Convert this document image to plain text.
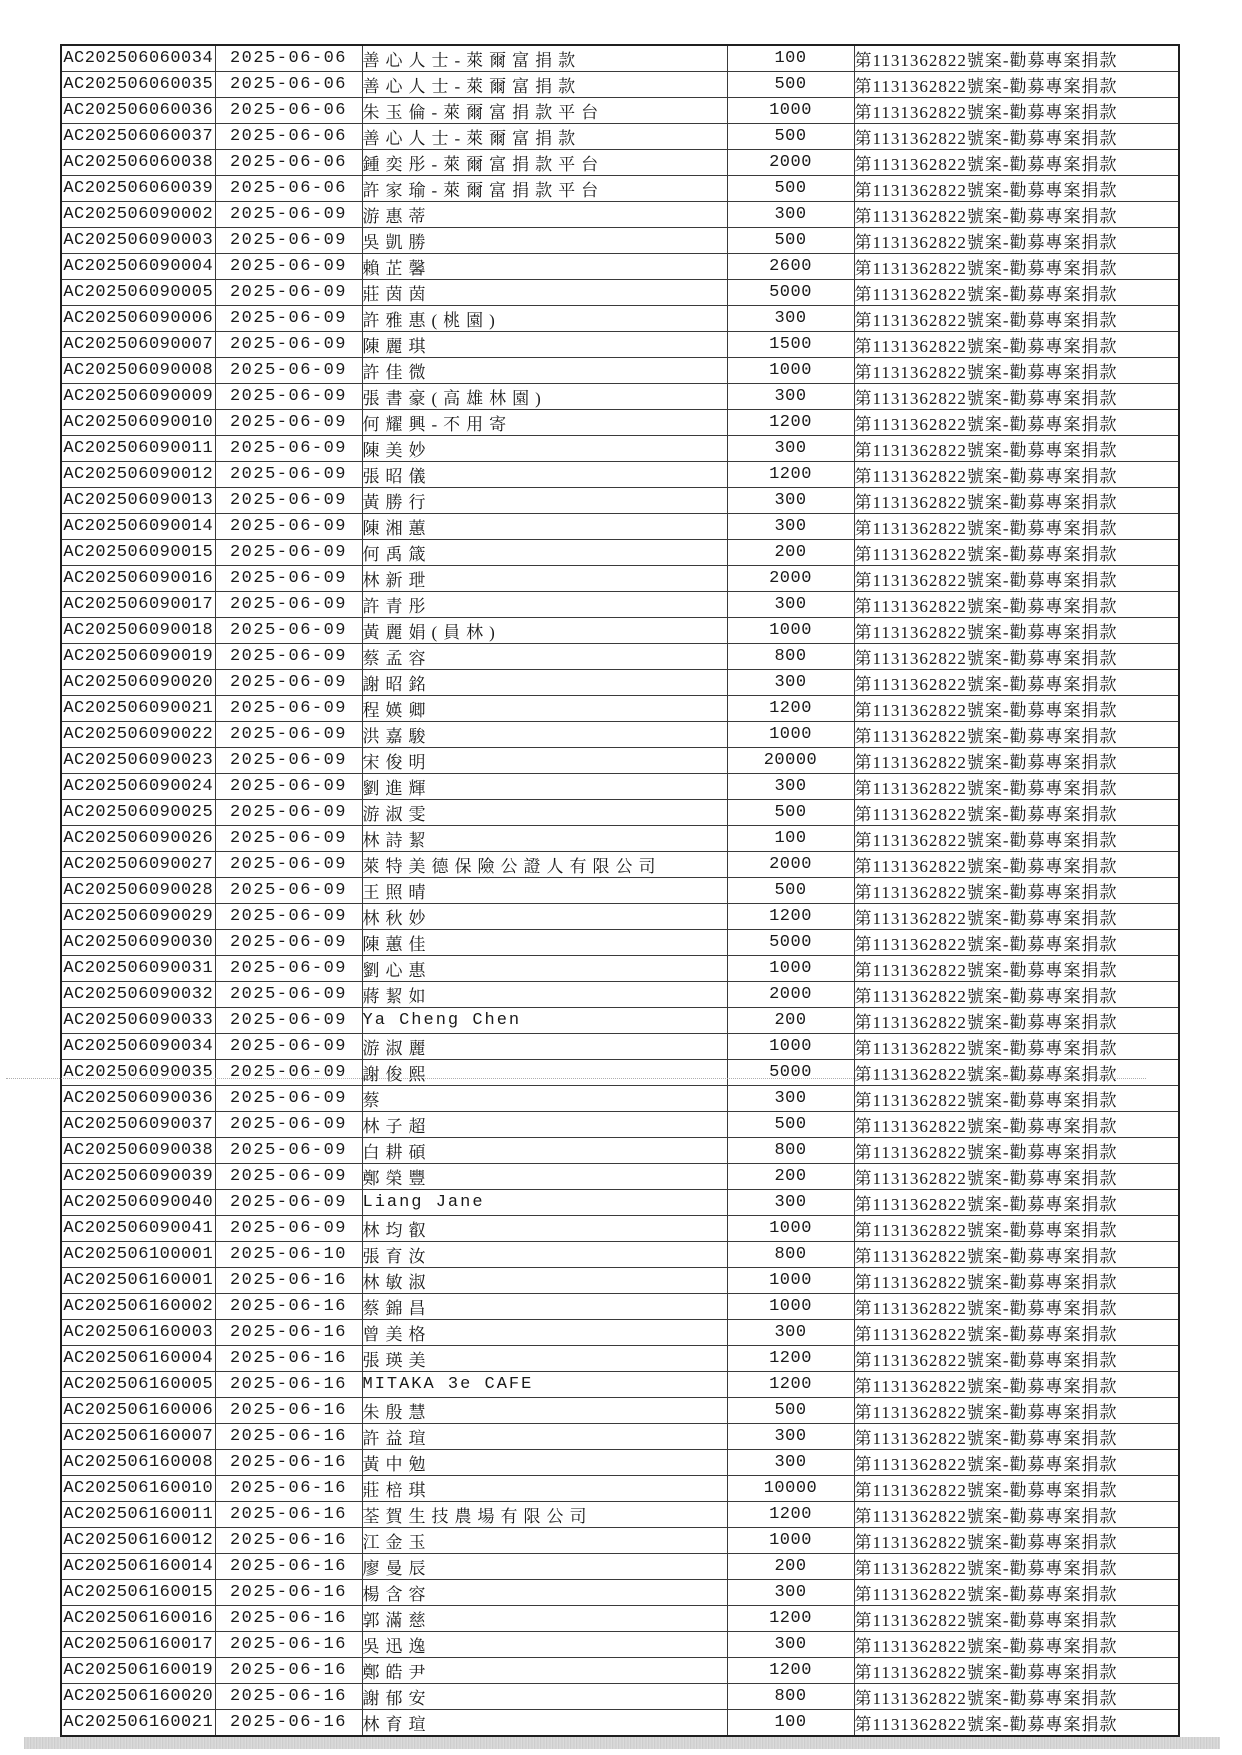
AC202506060034	2025-06-06	善心人士-萊爾富捐款	100	第1131362822號案-勸募專案捐款
AC202506060035	2025-06-06	善心人士-萊爾富捐款	500	第1131362822號案-勸募專案捐款
AC202506060036	2025-06-06	朱玉倫-萊爾富捐款平台	1000	第1131362822號案-勸募專案捐款
AC202506060037	2025-06-06	善心人士-萊爾富捐款	500	第1131362822號案-勸募專案捐款
AC202506060038	2025-06-06	鍾奕彤-萊爾富捐款平台	2000	第1131362822號案-勸募專案捐款
AC202506060039	2025-06-06	許家瑜-萊爾富捐款平台	500	第1131362822號案-勸募專案捐款
AC202506090002	2025-06-09	游惠蒂	300	第1131362822號案-勸募專案捐款
AC202506090003	2025-06-09	吳凱勝	500	第1131362822號案-勸募專案捐款
AC202506090004	2025-06-09	賴芷馨	2600	第1131362822號案-勸募專案捐款
AC202506090005	2025-06-09	莊茵茵	5000	第1131362822號案-勸募專案捐款
AC202506090006	2025-06-09	許雅惠(桃園)	300	第1131362822號案-勸募專案捐款
AC202506090007	2025-06-09	陳麗琪	1500	第1131362822號案-勸募專案捐款
AC202506090008	2025-06-09	許佳微	1000	第1131362822號案-勸募專案捐款
AC202506090009	2025-06-09	張書豪(高雄林園)	300	第1131362822號案-勸募專案捐款
AC202506090010	2025-06-09	何耀興-不用寄	1200	第1131362822號案-勸募專案捐款
AC202506090011	2025-06-09	陳美妙	300	第1131362822號案-勸募專案捐款
AC202506090012	2025-06-09	張昭儀	1200	第1131362822號案-勸募專案捐款
AC202506090013	2025-06-09	黃勝行	300	第1131362822號案-勸募專案捐款
AC202506090014	2025-06-09	陳湘蕙	300	第1131362822號案-勸募專案捐款
AC202506090015	2025-06-09	何禹箴	200	第1131362822號案-勸募專案捐款
AC202506090016	2025-06-09	林新玴	2000	第1131362822號案-勸募專案捐款
AC202506090017	2025-06-09	許青彤	300	第1131362822號案-勸募專案捐款
AC202506090018	2025-06-09	黃麗娟(員林)	1000	第1131362822號案-勸募專案捐款
AC202506090019	2025-06-09	蔡孟容	800	第1131362822號案-勸募專案捐款
AC202506090020	2025-06-09	謝昭銘	300	第1131362822號案-勸募專案捐款
AC202506090021	2025-06-09	程媖卿	1200	第1131362822號案-勸募專案捐款
AC202506090022	2025-06-09	洪嘉駿	1000	第1131362822號案-勸募專案捐款
AC202506090023	2025-06-09	宋俊明	20000	第1131362822號案-勸募專案捐款
AC202506090024	2025-06-09	劉進輝	300	第1131362822號案-勸募專案捐款
AC202506090025	2025-06-09	游淑雯	500	第1131362822號案-勸募專案捐款
AC202506090026	2025-06-09	林詩絜	100	第1131362822號案-勸募專案捐款
AC202506090027	2025-06-09	萊特美德保險公證人有限公司	2000	第1131362822號案-勸募專案捐款
AC202506090028	2025-06-09	王照晴	500	第1131362822號案-勸募專案捐款
AC202506090029	2025-06-09	林秋妙	1200	第1131362822號案-勸募專案捐款
AC202506090030	2025-06-09	陳蕙佳	5000	第1131362822號案-勸募專案捐款
AC202506090031	2025-06-09	劉心惠	1000	第1131362822號案-勸募專案捐款
AC202506090032	2025-06-09	蔣絜如	2000	第1131362822號案-勸募專案捐款
AC202506090033	2025-06-09	Ya Cheng Chen	200	第1131362822號案-勸募專案捐款
AC202506090034	2025-06-09	游淑麗	1000	第1131362822號案-勸募專案捐款
AC202506090035	2025-06-09	謝俊熙	5000	第1131362822號案-勸募專案捐款
AC202506090036	2025-06-09	蔡	300	第1131362822號案-勸募專案捐款
AC202506090037	2025-06-09	林子超	500	第1131362822號案-勸募專案捐款
AC202506090038	2025-06-09	白耕碩	800	第1131362822號案-勸募專案捐款
AC202506090039	2025-06-09	鄭榮豐	200	第1131362822號案-勸募專案捐款
AC202506090040	2025-06-09	Liang Jane	300	第1131362822號案-勸募專案捐款
AC202506090041	2025-06-09	林均叡	1000	第1131362822號案-勸募專案捐款
AC202506100001	2025-06-10	張育汝	800	第1131362822號案-勸募專案捐款
AC202506160001	2025-06-16	林敏淑	1000	第1131362822號案-勸募專案捐款
AC202506160002	2025-06-16	蔡錦昌	1000	第1131362822號案-勸募專案捐款
AC202506160003	2025-06-16	曾美格	300	第1131362822號案-勸募專案捐款
AC202506160004	2025-06-16	張瑛美	1200	第1131362822號案-勸募專案捐款
AC202506160005	2025-06-16	MITAKA 3e CAFE	1200	第1131362822號案-勸募專案捐款
AC202506160006	2025-06-16	朱殷慧	500	第1131362822號案-勸募專案捐款
AC202506160007	2025-06-16	許益瑄	300	第1131362822號案-勸募專案捐款
AC202506160008	2025-06-16	黃中勉	300	第1131362822號案-勸募專案捐款
AC202506160010	2025-06-16	莊棓琪	10000	第1131362822號案-勸募專案捐款
AC202506160011	2025-06-16	荃賀生技農場有限公司	1200	第1131362822號案-勸募專案捐款
AC202506160012	2025-06-16	江金玉	1000	第1131362822號案-勸募專案捐款
AC202506160014	2025-06-16	廖曼辰	200	第1131362822號案-勸募專案捐款
AC202506160015	2025-06-16	楊含容	300	第1131362822號案-勸募專案捐款
AC202506160016	2025-06-16	郭滿慈	1200	第1131362822號案-勸募專案捐款
AC202506160017	2025-06-16	吳迅逸	300	第1131362822號案-勸募專案捐款
AC202506160019	2025-06-16	鄭皓尹	1200	第1131362822號案-勸募專案捐款
AC202506160020	2025-06-16	謝郁安	800	第1131362822號案-勸募專案捐款
AC202506160021	2025-06-16	林育瑄	100	第1131362822號案-勸募專案捐款
